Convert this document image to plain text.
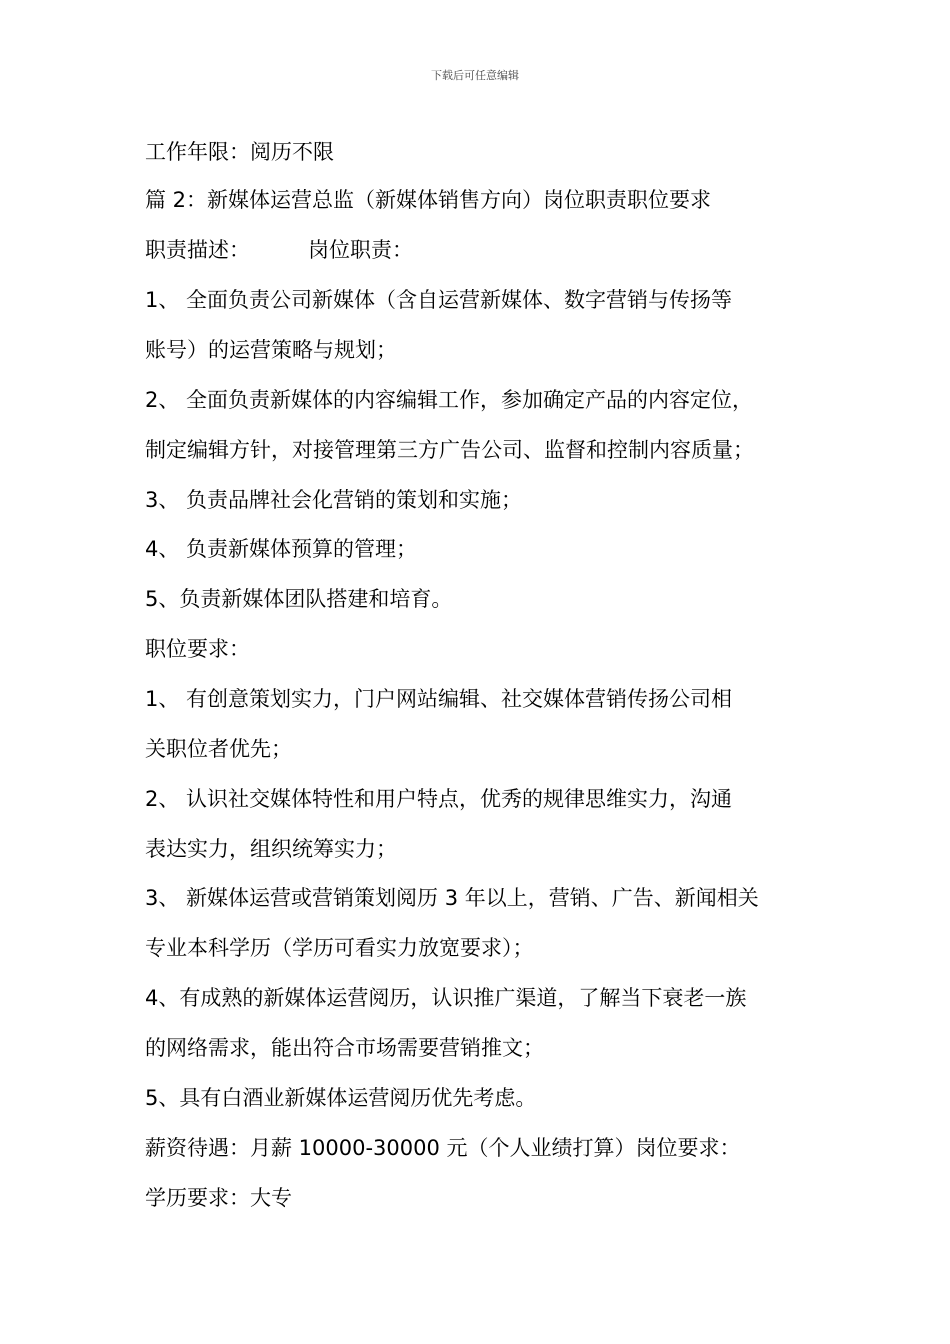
下载后可任意编辑
工作年限：阅历不限
篇 2：新媒体运营总监（新媒体销售方向）岗位职责职位要求
职责描述：	岗位职责：
1、 全面负责公司新媒体（含自运营新媒体、数字营销与传扬等
账号）的运营策略与规划；
2、 全面负责新媒体的内容编辑工作，参加确定产品的内容定位，
制定编辑方针，对接管理第三方广告公司、监督和控制内容质量；
3、 负责品牌社会化营销的策划和实施；
4、 负责新媒体预算的管理；
5、负责新媒体团队搭建和培育。
职位要求：
1、 有创意策划实力，门户网站编辑、社交媒体营销传扬公司相
关职位者优先；
2、 认识社交媒体特性和用户特点，优秀的规律思维实力，沟通
表达实力，组织统筹实力；
3、 新媒体运营或营销策划阅历 3 年以上，营销、广告、新闻相关
专业本科学历（学历可看实力放宽要求）；
4、有成熟的新媒体运营阅历，认识推广渠道，了解当下衰老一族
的网络需求，能出符合市场需要营销推文；
5、具有白酒业新媒体运营阅历优先考虑。
薪资待遇：月薪 10000-30000 元（个人业绩打算）岗位要求：
学历要求：大专
